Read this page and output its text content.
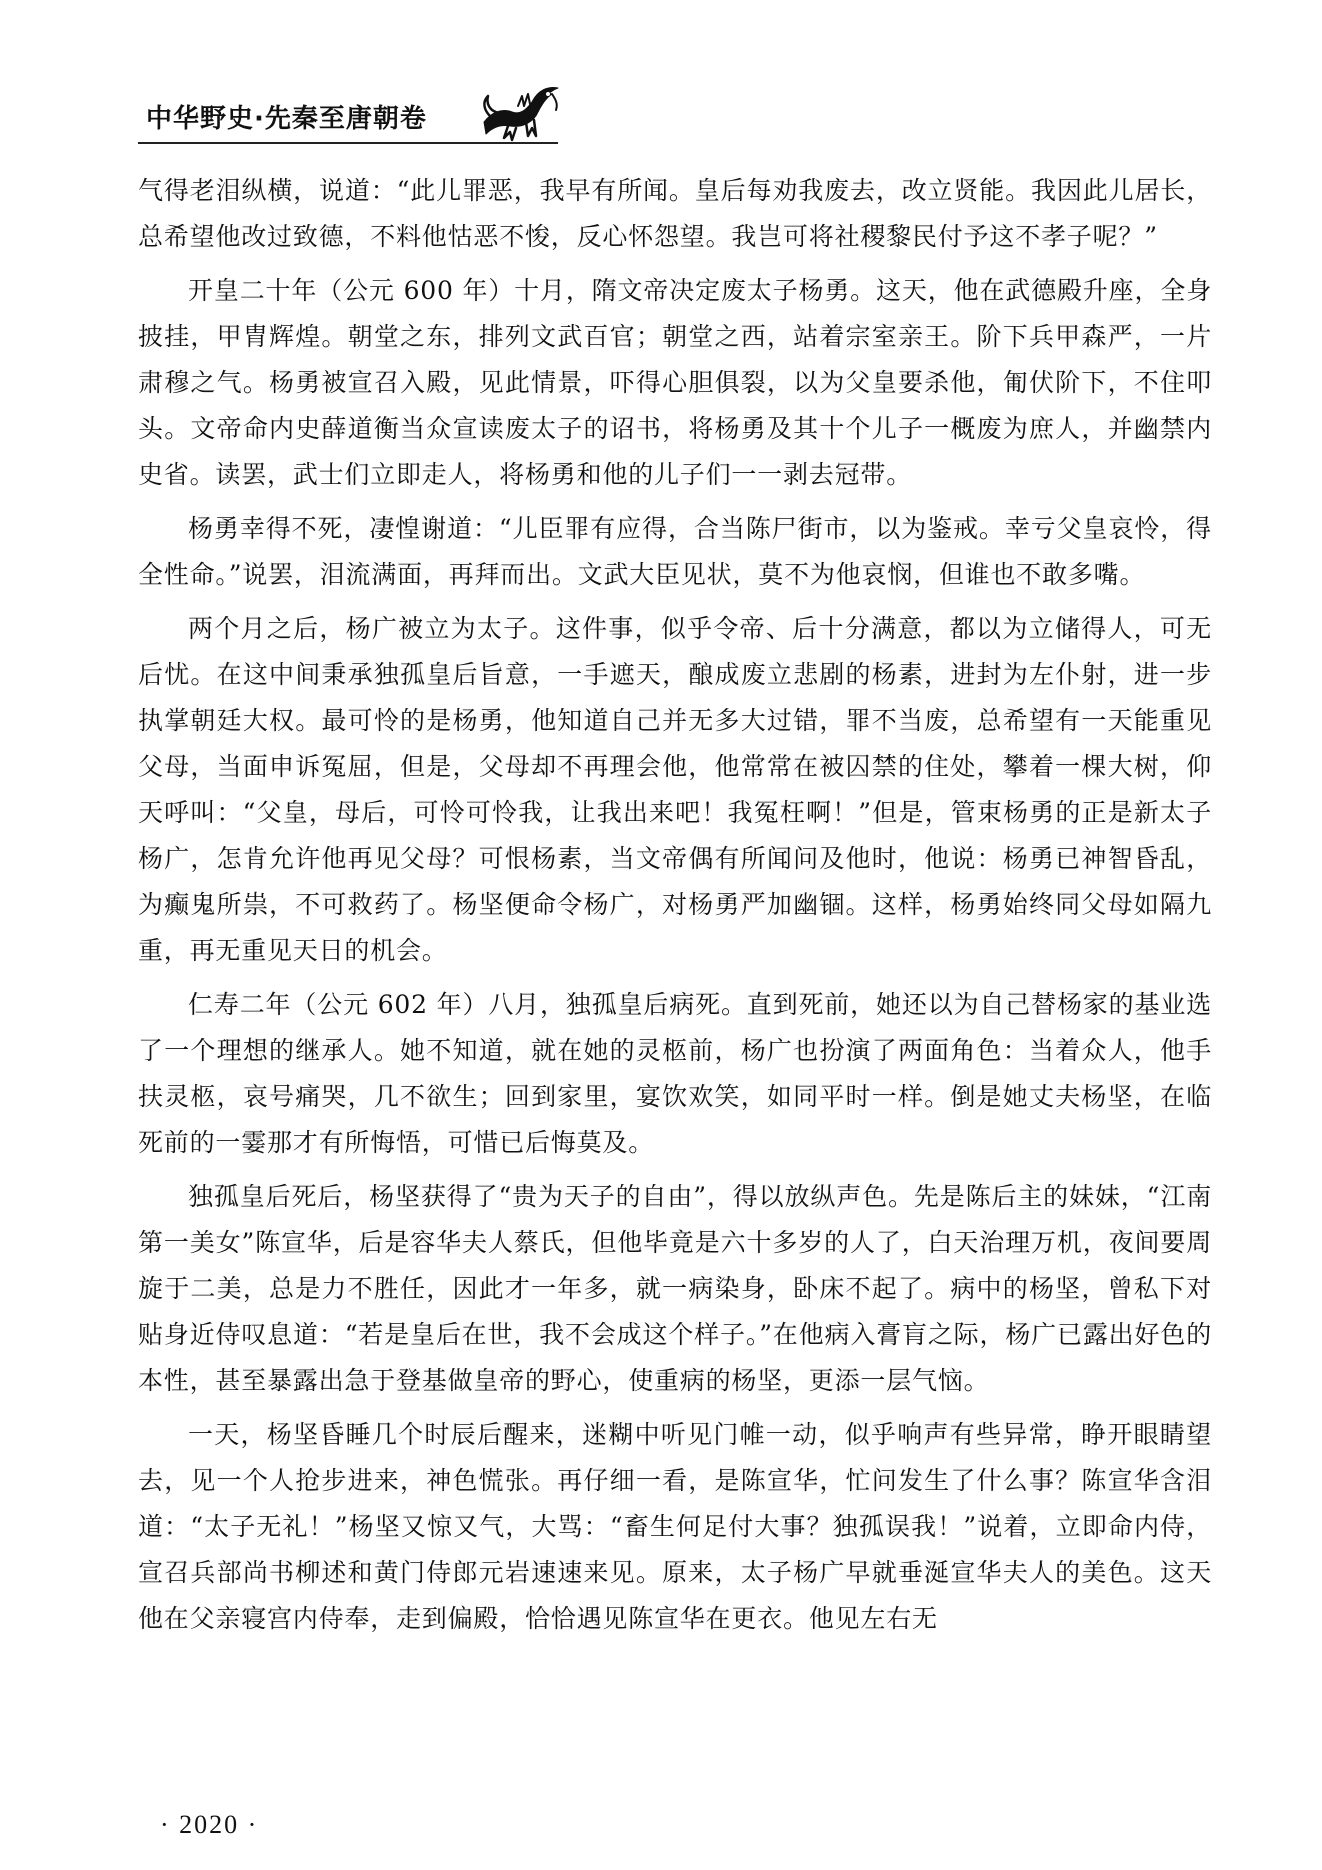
中华野史·先秦至唐朝卷

气得老泪纵横，说道：“此儿罪恶，我早有所闻。皇后每劝我废去，改立贤能。我因此儿居长，总希望他改过致德，不料他怙恶不悛，反心怀怨望。我岂可将社稷黎民付予这不孝子呢？”

开皇二十年（公元 600 年）十月，隋文帝决定废太子杨勇。这天，他在武德殿升座，全身披挂，甲胄辉煌。朝堂之东，排列文武百官；朝堂之西，站着宗室亲王。阶下兵甲森严，一片肃穆之气。杨勇被宣召入殿，见此情景，吓得心胆俱裂，以为父皇要杀他，匍伏阶下，不住叩头。文帝命内史薛道衡当众宣读废太子的诏书，将杨勇及其十个儿子一概废为庶人，并幽禁内史省。读罢，武士们立即走人，将杨勇和他的儿子们一一剥去冠带。

杨勇幸得不死，凄惶谢道：“儿臣罪有应得，合当陈尸街市，以为鉴戒。幸亏父皇哀怜，得全性命。”说罢，泪流满面，再拜而出。文武大臣见状，莫不为他哀悯，但谁也不敢多嘴。

两个月之后，杨广被立为太子。这件事，似乎令帝、后十分满意，都以为立储得人，可无后忧。在这中间秉承独孤皇后旨意，一手遮天，酿成废立悲剧的杨素，进封为左仆射，进一步执掌朝廷大权。最可怜的是杨勇，他知道自己并无多大过错，罪不当废，总希望有一天能重见父母，当面申诉冤屈，但是，父母却不再理会他，他常常在被囚禁的住处，攀着一棵大树，仰天呼叫：“父皇，母后，可怜可怜我，让我出来吧！我冤枉啊！”但是，管束杨勇的正是新太子杨广，怎肯允许他再见父母？可恨杨素，当文帝偶有所闻问及他时，他说：杨勇已神智昏乱，为癫鬼所祟，不可救药了。杨坚便命令杨广，对杨勇严加幽锢。这样，杨勇始终同父母如隔九重，再无重见天日的机会。

仁寿二年（公元 602 年）八月，独孤皇后病死。直到死前，她还以为自己替杨家的基业选了一个理想的继承人。她不知道，就在她的灵柩前，杨广也扮演了两面角色：当着众人，他手扶灵柩，哀号痛哭，几不欲生；回到家里，宴饮欢笑，如同平时一样。倒是她丈夫杨坚，在临死前的一霎那才有所悔悟，可惜已后悔莫及。

独孤皇后死后，杨坚获得了“贵为天子的自由”，得以放纵声色。先是陈后主的妹妹，“江南第一美女”陈宣华，后是容华夫人蔡氏，但他毕竟是六十多岁的人了，白天治理万机，夜间要周旋于二美，总是力不胜任，因此才一年多，就一病染身，卧床不起了。病中的杨坚，曾私下对贴身近侍叹息道：“若是皇后在世，我不会成这个样子。”在他病入膏肓之际，杨广已露出好色的本性，甚至暴露出急于登基做皇帝的野心，使重病的杨坚，更添一层气恼。

一天，杨坚昏睡几个时辰后醒来，迷糊中听见门帷一动，似乎响声有些异常，睁开眼睛望去，见一个人抢步进来，神色慌张。再仔细一看，是陈宣华，忙问发生了什么事？陈宣华含泪道：“太子无礼！”杨坚又惊又气，大骂：“畜生何足付大事？独孤误我！”说着，立即命内侍，宣召兵部尚书柳述和黄门侍郎元岩速速来见。原来，太子杨广早就垂涎宣华夫人的美色。这天他在父亲寝宫内侍奉，走到偏殿，恰恰遇见陈宣华在更衣。他见左右无

· 2020 ·
